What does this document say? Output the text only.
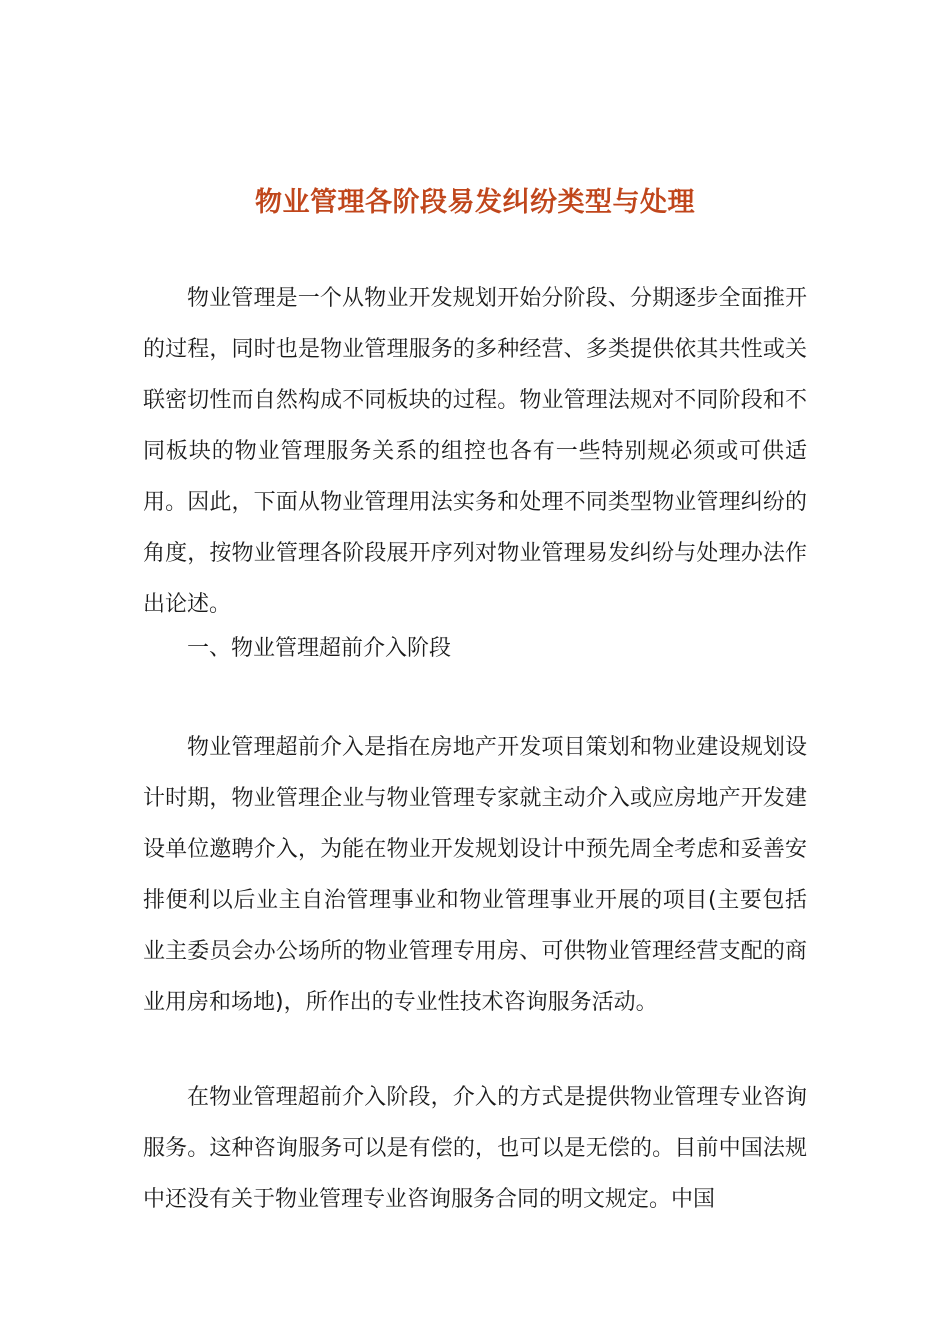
物业管理各阶段易发纠纷类型与处理

物业管理是一个从物业开发规划开始分阶段、分期逐步全面推开的过程，同时也是物业管理服务的多种经营、多类提供依其共性或关联密切性而自然构成不同板块的过程。物业管理法规对不同阶段和不同板块的物业管理服务关系的组控也各有一些特别规必须或可供适用。因此，下面从物业管理用法实务和处理不同类型物业管理纠纷的角度，按物业管理各阶段展开序列对物业管理易发纠纷与处理办法作出论述。

一、物业管理超前介入阶段

物业管理超前介入是指在房地产开发项目策划和物业建设规划设计时期，物业管理企业与物业管理专家就主动介入或应房地产开发建设单位邀聘介入，为能在物业开发规划设计中预先周全考虑和妥善安排便利以后业主自治管理事业和物业管理事业开展的项目(主要包括 业主委员会办公场所的物业管理专用房、可供物业管理经营支配的商业用房和场地)，所作出的专业性技术咨询服务活动。

在物业管理超前介入阶段，介入的方式是提供物业管理专业咨询服务。这种咨询服务可以是有偿的，也可以是无偿的。目前中国法规中还没有关于物业管理专业咨询服务合同的明文规定。中国
